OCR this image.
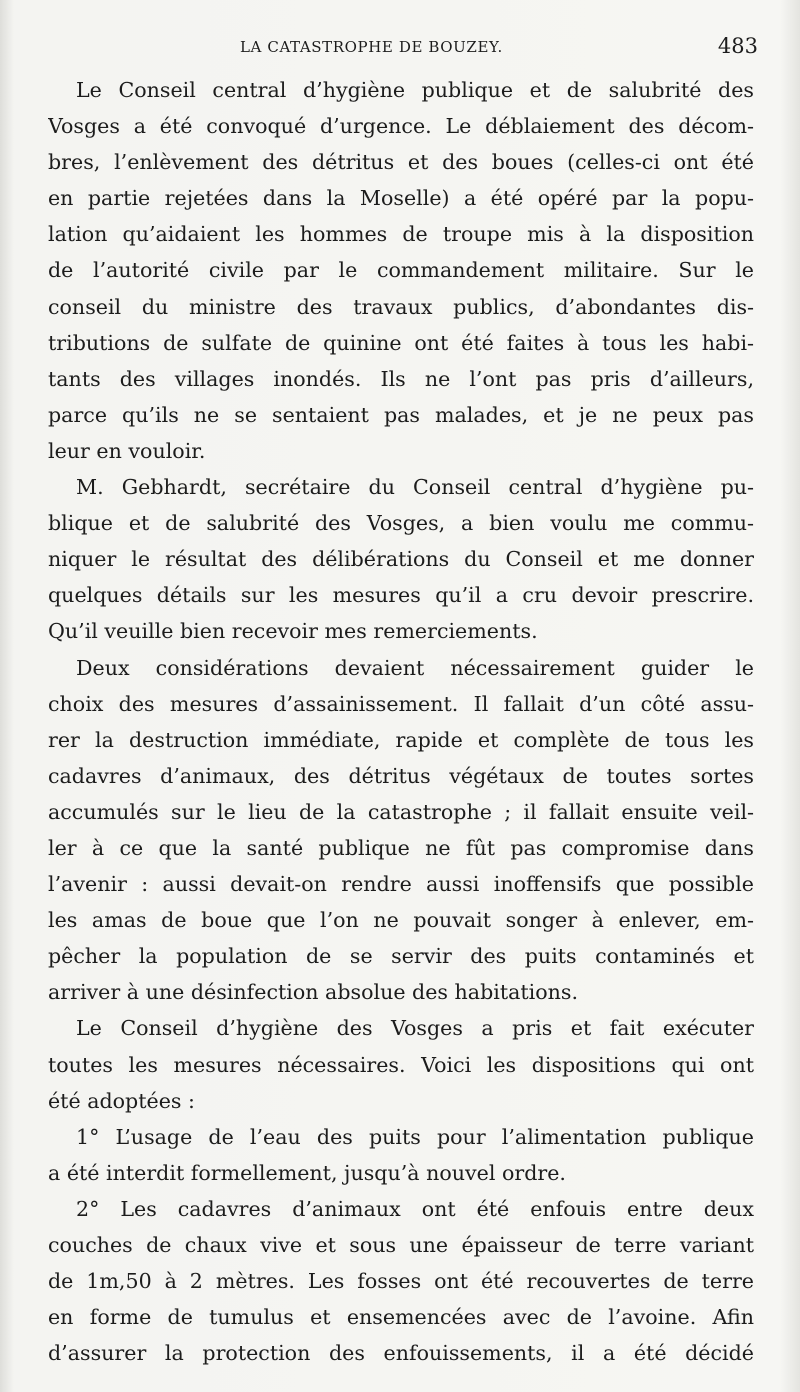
LA CATASTROPHE DE BOUZEY.	483
Le Conseil central d’hygiène publique et de salubrité des
Vosges a été convoqué d’urgence. Le déblaiement des décom-
bres, l’enlèvement des détritus et des boues (celles-ci ont été
en partie rejetées dans la Moselle) a été opéré par la popu-
lation qu’aidaient les hommes de troupe mis à la disposition
de l’autorité civile par le commandement militaire. Sur le
conseil du ministre des travaux publics, d’abondantes dis-
tributions de sulfate de quinine ont été faites à tous les habi-
tants des villages inondés. Ils ne l’ont pas pris d’ailleurs,
parce qu’ils ne se sentaient pas malades, et je ne peux pas
leur en vouloir.
M. Gebhardt, secrétaire du Conseil central d’hygiène pu-
blique et de salubrité des Vosges, a bien voulu me commu-
niquer le résultat des délibérations du Conseil et me donner
quelques détails sur les mesures qu’il a cru devoir prescrire.
Qu’il veuille bien recevoir mes remerciements.
Deux considérations devaient nécessairement guider le
choix des mesures d’assainissement. Il fallait d’un côté assu-
rer la destruction immédiate, rapide et complète de tous les
cadavres d’animaux, des détritus végétaux de toutes sortes
accumulés sur le lieu de la catastrophe ; il fallait ensuite veil-
ler à ce que la santé publique ne fût pas compromise dans
l’avenir : aussi devait-on rendre aussi inoffensifs que possible
les amas de boue que l’on ne pouvait songer à enlever, em-
pêcher la population de se servir des puits contaminés et
arriver à une désinfection absolue des habitations.
Le Conseil d’hygiène des Vosges a pris et fait exécuter
toutes les mesures nécessaires. Voici les dispositions qui ont
été adoptées :
1° L’usage de l’eau des puits pour l’alimentation publique
a été interdit formellement, jusqu’à nouvel ordre.
2° Les cadavres d’animaux ont été enfouis entre deux
couches de chaux vive et sous une épaisseur de terre variant
de 1m,50 à 2 mètres. Les fosses ont été recouvertes de terre
en forme de tumulus et ensemencées avec de l’avoine. Afin
d’assurer la protection des enfouissements, il a été décidé
